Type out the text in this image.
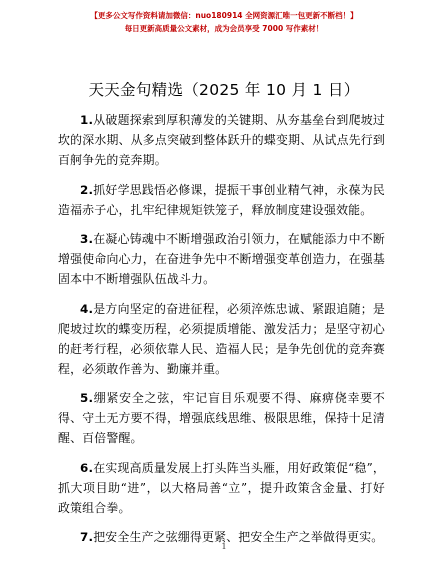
【更多公文写作资料请加微信：nuo180914 全网资源汇唯一包更新不断档！】
每日更新高质量公文素材，成为会员享受 7000 写作素材！
天天金句精选（2025 年 10 月 1 日）

1.从破题探索到厚积薄发的关键期、从夯基垒台到爬坡过坎的深水期、从多点突破到整体跃升的蝶变期、从试点先行到百舸争先的竞奔期。

2.抓好学思践悟必修课，提振干事创业精气神，永葆为民造福赤子心，扎牢纪律规矩铁笼子，释放制度建设强效能。

3.在凝心铸魂中不断增强政治引领力，在赋能添力中不断增强使命向心力，在奋进争先中不断增强变革创造力，在强基固本中不断增强队伍战斗力。

4.是方向坚定的奋进征程，必须淬炼忠诚、紧跟追随；是爬坡过坎的蝶变历程，必须提质增能、激发活力；是坚守初心的赶考行程，必须依靠人民、造福人民；是争先创优的竞奔赛程，必须敢作善为、勤廉并重。

5.绷紧安全之弦，牢记盲目乐观要不得、麻痹侥幸要不得、守土无方要不得，增强底线思维、极限思维，保持十足清醒、百倍警醒。

6.在实现高质量发展上打头阵当头雁，用好政策促“稳”，抓大项目助“进”，以大格局善“立”，提升政策含金量、打好政策组合拳。

7.把安全生产之弦绷得更紧、把安全生产之举做得更实。

1
